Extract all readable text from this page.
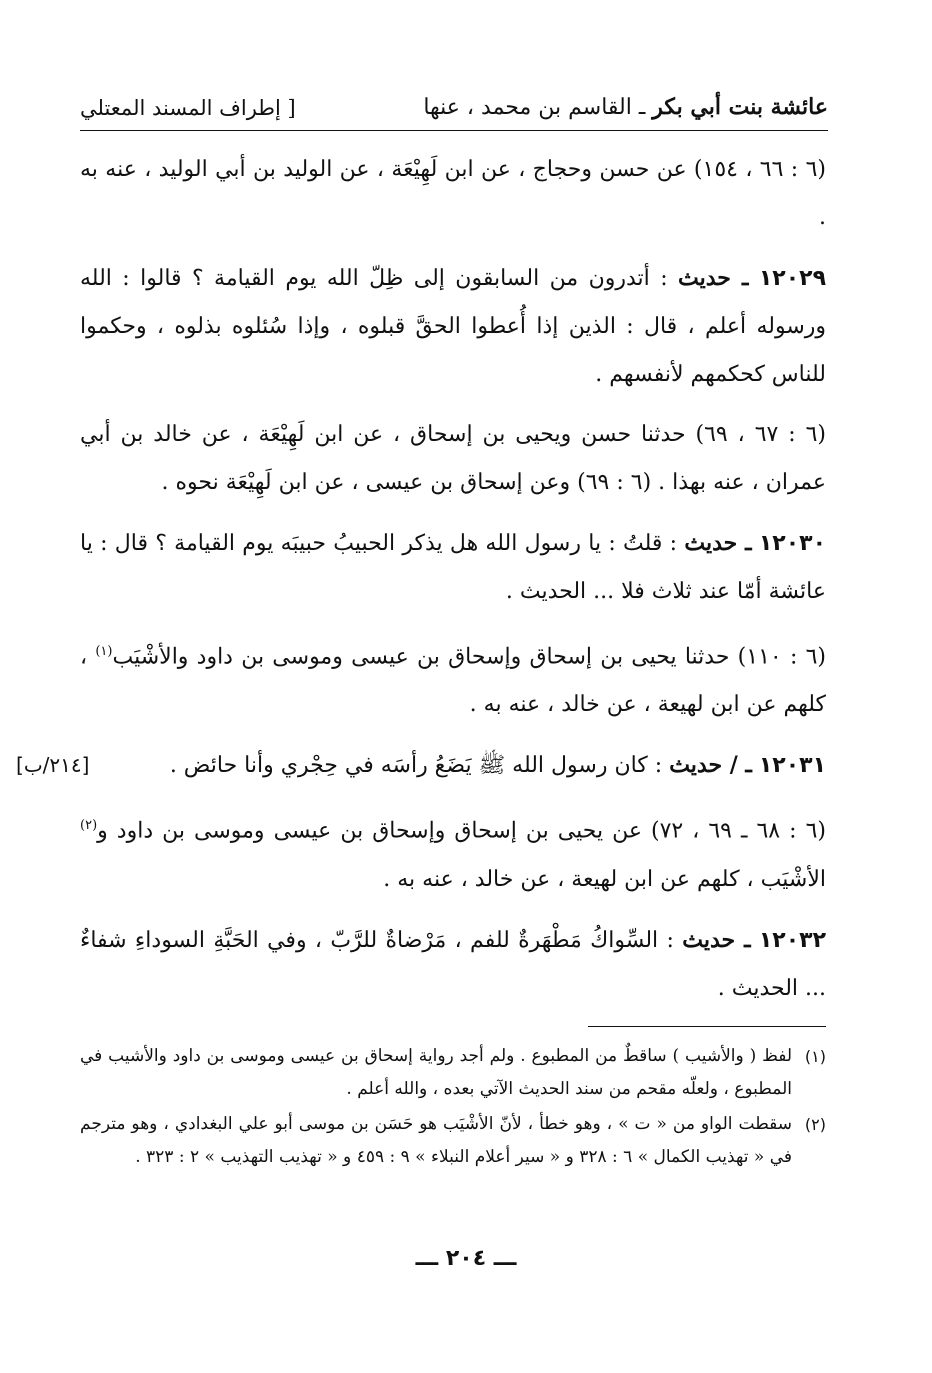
عائشة بنت أبي بكر ـ القاسم بن محمد ، عنها
[ إطراف المسند المعتلي

(٦ : ٦٦ ، ١٥٤) عن حسن وحجاج ، عن ابن لَهِيْعَة ، عن الوليد بن أبي الوليد ، عنه به .

١٢٠٢٩ ـ حديث : أتدرون من السابقون إلى ظِلّ الله يوم القيامة ؟ قالوا : الله ورسوله أعلم ، قال : الذين إذا أُعطوا الحقَّ قبلوه ، وإذا سُئلوه بذلوه ، وحكموا للناس كحكمهم لأنفسهم .

(٦ : ٦٧ ، ٦٩) حدثنا حسن ويحيى بن إسحاق ، عن ابن لَهِيْعَة ، عن خالد بن أبي عمران ، عنه بهذا . (٦ : ٦٩) وعن إسحاق بن عيسى ، عن ابن لَهِيْعَة نحوه .

١٢٠٣٠ ـ حديث : قلتُ : يا رسول الله هل يذكر الحبيبُ حبيبَه يوم القيامة ؟ قال : يا عائشة أمّا عند ثلاث فلا ... الحديث .

(٦ : ١١٠) حدثنا يحيى بن إسحاق وإسحاق بن عيسى وموسى بن داود والأشْيَب$^{(١)}$ ، كلهم عن ابن لهيعة ، عن خالد ، عنه به .

[٢١٤/ب]	١٢٠٣١ ـ / حديث : كان رسول الله ﷺ يَضَعُ رأسَه في حِجْري وأنا حائض .

(٦ : ٦٨ ـ ٦٩ ، ٧٢) عن يحيى بن إسحاق وإسحاق بن عيسى وموسى بن داود و$^{(٢)}$ الأشْيَب ، كلهم عن ابن لهيعة ، عن خالد ، عنه به .

١٢٠٣٢ ـ حديث : السِّواكُ مَطْهَرةٌ للفم ، مَرْضاةٌ للرَّبّ ، وفي الحَبَّةِ السوداءِ شفاءٌ ... الحديث .

(١)
لفظ ( والأشيب ) ساقطٌ من المطبوع . ولم أجد رواية إسحاق بن عيسى وموسى بن داود والأشيب في المطبوع ، ولعلّه مقحم من سند الحديث الآتي بعده ، والله أعلم .

(٢)
سقطت الواو من « ت » ، وهو خطأ ، لأنّ الأشْيَب هو حَسَن بن موسى أبو علي البغدادي ، وهو مترجم في « تهذيب الكمال » ٦ : ٣٢٨ و « سير أعلام النبلاء » ٩ : ٤٥٩ و « تهذيب التهذيب » ٢ : ٣٢٣ .

ـــ ٢٠٤ ـــ
